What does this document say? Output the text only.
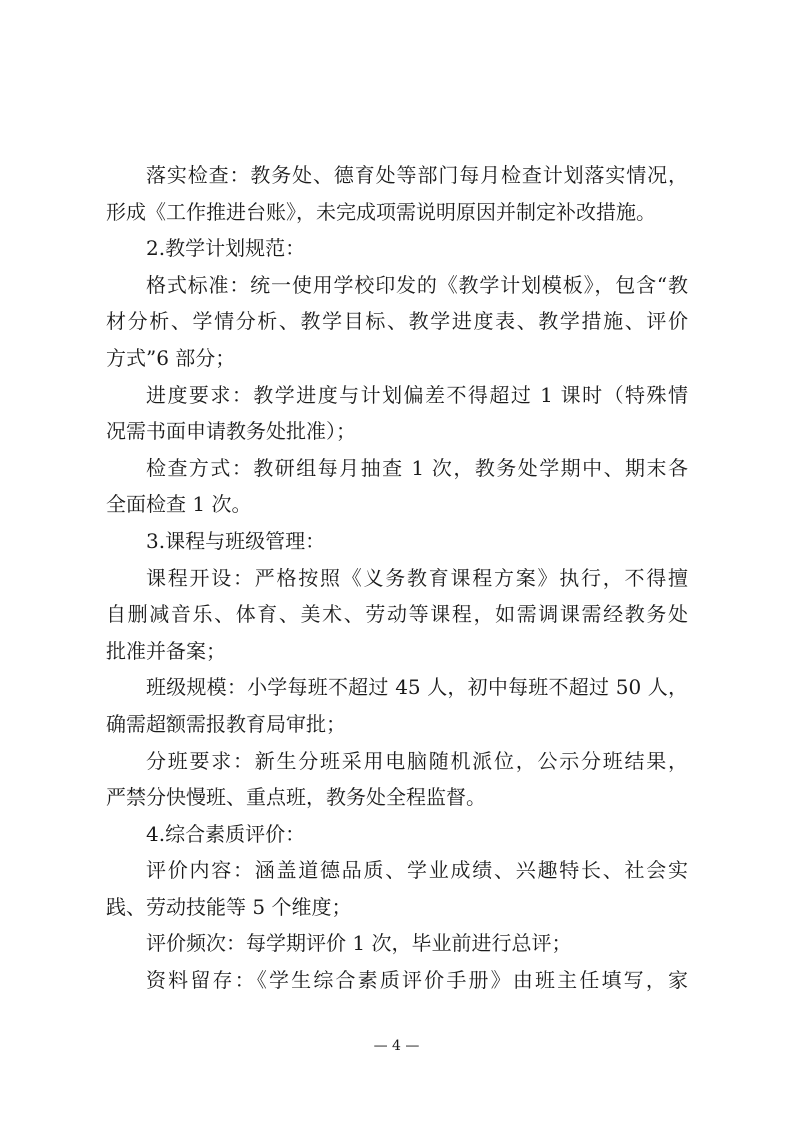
落实检查：教务处、德育处等部门每月检查计划落实情况，
形成《工作推进台账》，未完成项需说明原因并制定补改措施。
2.教学计划规范：
格式标准：统一使用学校印发的《教学计划模板》，包含“教
材分析、学情分析、教学目标、教学进度表、教学措施、评价
方式”6 部分；
进度要求：教学进度与计划偏差不得超过 1 课时（特殊情
况需书面申请教务处批准）；
检查方式：教研组每月抽查 1 次，教务处学期中、期末各
全面检查 1 次。
3.课程与班级管理：
课程开设：严格按照《义务教育课程方案》执行，不得擅
自删减音乐、体育、美术、劳动等课程，如需调课需经教务处
批准并备案；
班级规模：小学每班不超过 45 人，初中每班不超过 50 人，
确需超额需报教育局审批；
分班要求：新生分班采用电脑随机派位，公示分班结果，
严禁分快慢班、重点班，教务处全程监督。
4.综合素质评价：
评价内容：涵盖道德品质、学业成绩、兴趣特长、社会实
践、劳动技能等 5 个维度；
评价频次：每学期评价 1 次，毕业前进行总评；
资料留存：《学生综合素质评价手册》由班主任填写，家
— 4 —
